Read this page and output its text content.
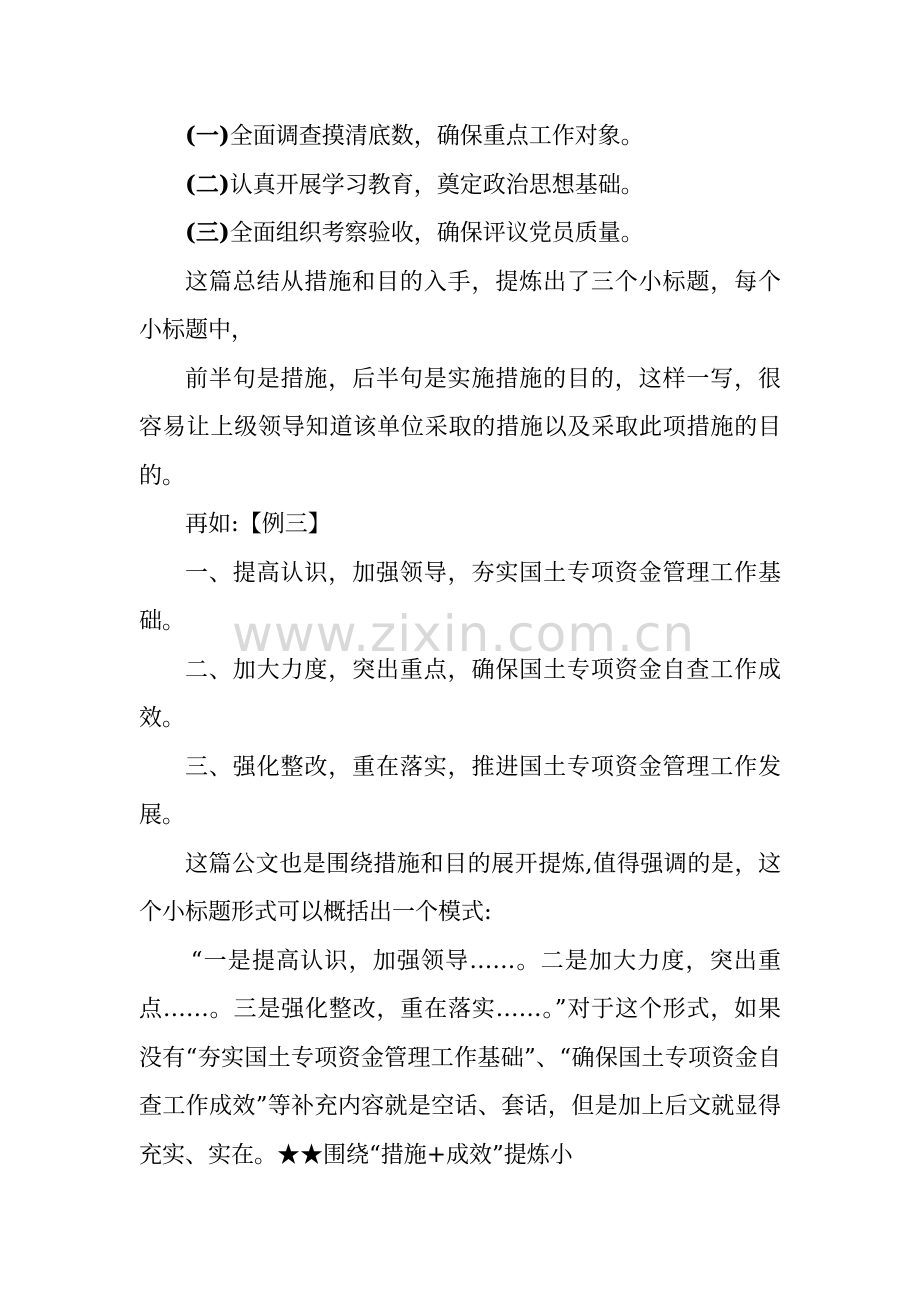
(一)全面调查摸清底数，确保重点工作对象。

(二)认真开展学习教育，奠定政治思想基础。

(三)全面组织考察验收，确保评议党员质量。

这篇总结从措施和目的入手，提炼出了三个小标题，每个小标题中，

前半句是措施，后半句是实施措施的目的，这样一写，很容易让上级领导知道该单位采取的措施以及采取此项措施的目的。

再如:【例三】

一、提高认识，加强领导，夯实国土专项资金管理工作基础。

二、加大力度，突出重点，确保国土专项资金自查工作成效。

三、强化整改，重在落实，推进国土专项资金管理工作发展。

这篇公文也是围绕措施和目的展开提炼,值得强调的是，这个小标题形式可以概括出一个模式:

“一是提高认识，加强领导……。二是加大力度，突出重点……。三是强化整改，重在落实……。”对于这个形式，如果没有“夯实国土专项资金管理工作基础”、“确保国土专项资金自查工作成效”等补充内容就是空话、套话，但是加上后文就显得充实、实在。★★围绕“措施+成效”提炼小

www.zixin.com.cn
